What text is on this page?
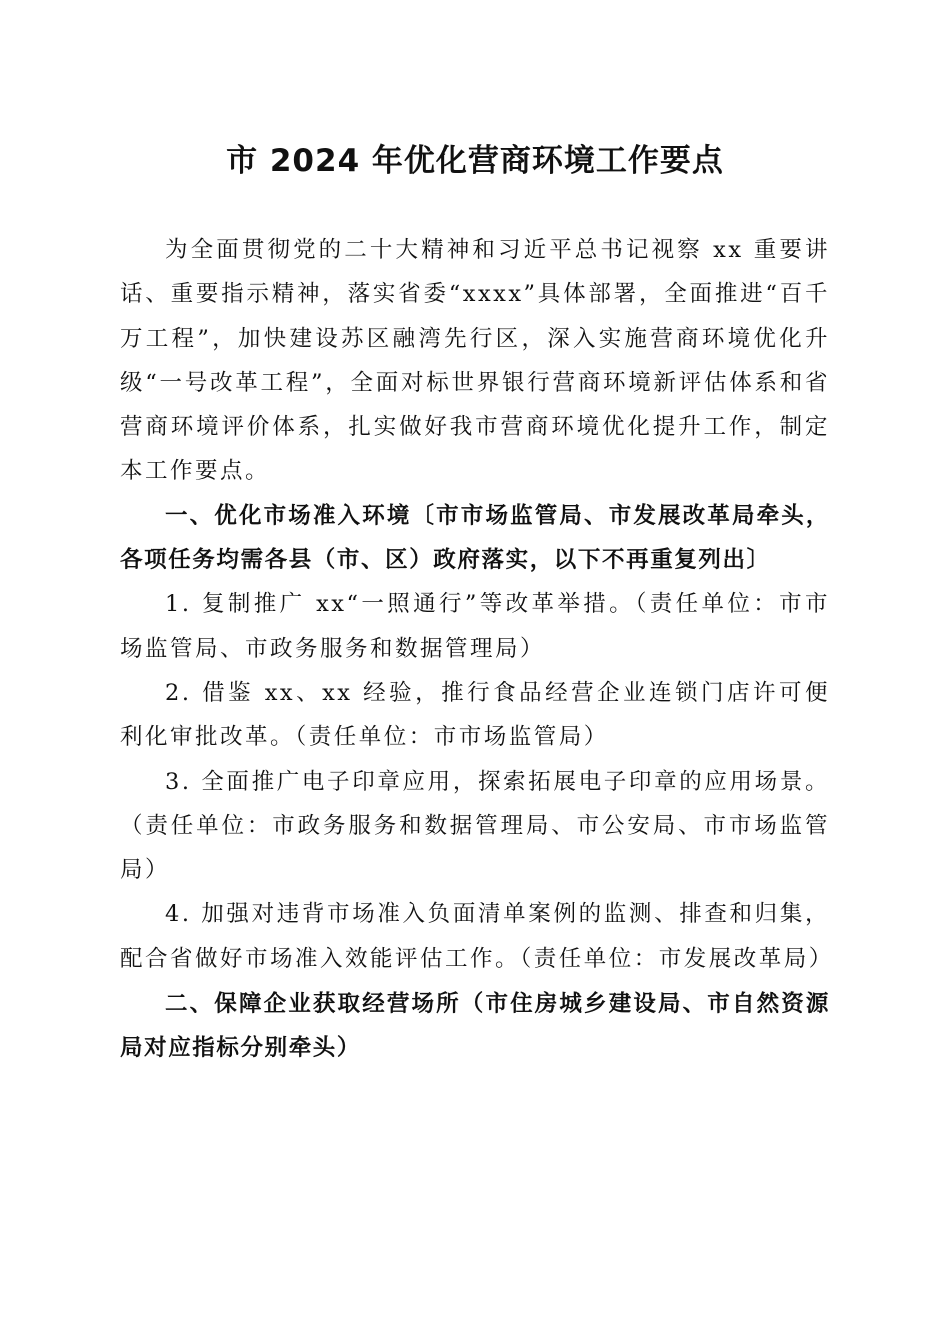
市 2024 年优化营商环境工作要点

为全面贯彻党的二十大精神和习近平总书记视察 xx 重要讲话、重要指示精神，落实省委“xxxx”具体部署，全面推进“百千万工程”，加快建设苏区融湾先行区，深入实施营商环境优化升级“一号改革工程”，全面对标世界银行营商环境新评估体系和省营商环境评价体系，扎实做好我市营商环境优化提升工作，制定本工作要点。

一、优化市场准入环境〔市市场监管局、市发展改革局牵头，各项任务均需各县（市、区）政府落实，以下不再重复列出〕

1. 复制推广 xx“一照通行”等改革举措。（责任单位：市市场监管局、市政务服务和数据管理局）

2. 借鉴 xx、xx 经验，推行食品经营企业连锁门店许可便利化审批改革。（责任单位：市市场监管局）

3. 全面推广电子印章应用，探索拓展电子印章的应用场景。（责任单位：市政务服务和数据管理局、市公安局、市市场监管局）

4. 加强对违背市场准入负面清单案例的监测、排查和归集，配合省做好市场准入效能评估工作。（责任单位：市发展改革局）

二、保障企业获取经营场所（市住房城乡建设局、市自然资源局对应指标分别牵头）
